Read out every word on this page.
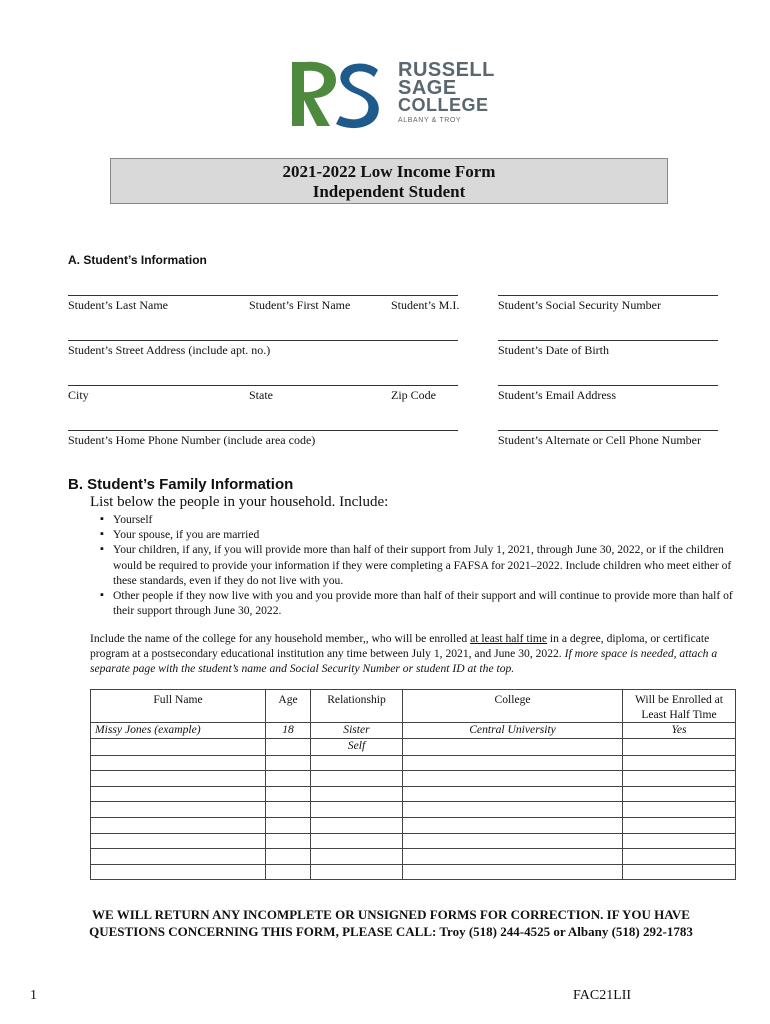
RUSSELL
SAGE
COLLEGE
ALBANY & TROY
2021-2022 Low Income Form
Independent Student
A. Student’s Information
Student’s Last Name	Student’s First Name	Student’s M.I.	Student’s Social Security Number
Student’s Street Address (include apt. no.)	Student’s Date of Birth
City	State	Zip Code	Student’s Email Address
Student’s Home Phone Number (include area code)	Student’s Alternate or Cell Phone Number
B. Student’s Family Information
List below the people in your household. Include:
▪ Yourself
▪ Your spouse, if you are married
▪ Your children, if any, if you will provide more than half of their support from July 1, 2021, through June 30, 2022, or if the children would be required to provide your information if they were completing a FAFSA for 2021–2022. Include children who meet either of these standards, even if they do not live with you.
▪ Other people if they now live with you and you provide more than half of their support and will continue to provide more than half of their support through June 30, 2022.

Include the name of the college for any household member,, who will be enrolled at least half time in a degree, diploma, or certificate program at a postsecondary educational institution any time between July 1, 2021, and June 30, 2022. If more space is needed, attach a separate page with the student’s name and Social Security Number or student ID at the top.

Full Name	Age	Relationship	College	Will be Enrolled at Least Half Time
Missy Jones (example)	18	Sister	Central University	Yes
		Self		

WE WILL RETURN ANY INCOMPLETE OR UNSIGNED FORMS FOR CORRECTION. IF YOU HAVE
QUESTIONS CONCERNING THIS FORM, PLEASE CALL: Troy (518) 244-4525 or Albany (518) 292-1783
1	FAC21LII
